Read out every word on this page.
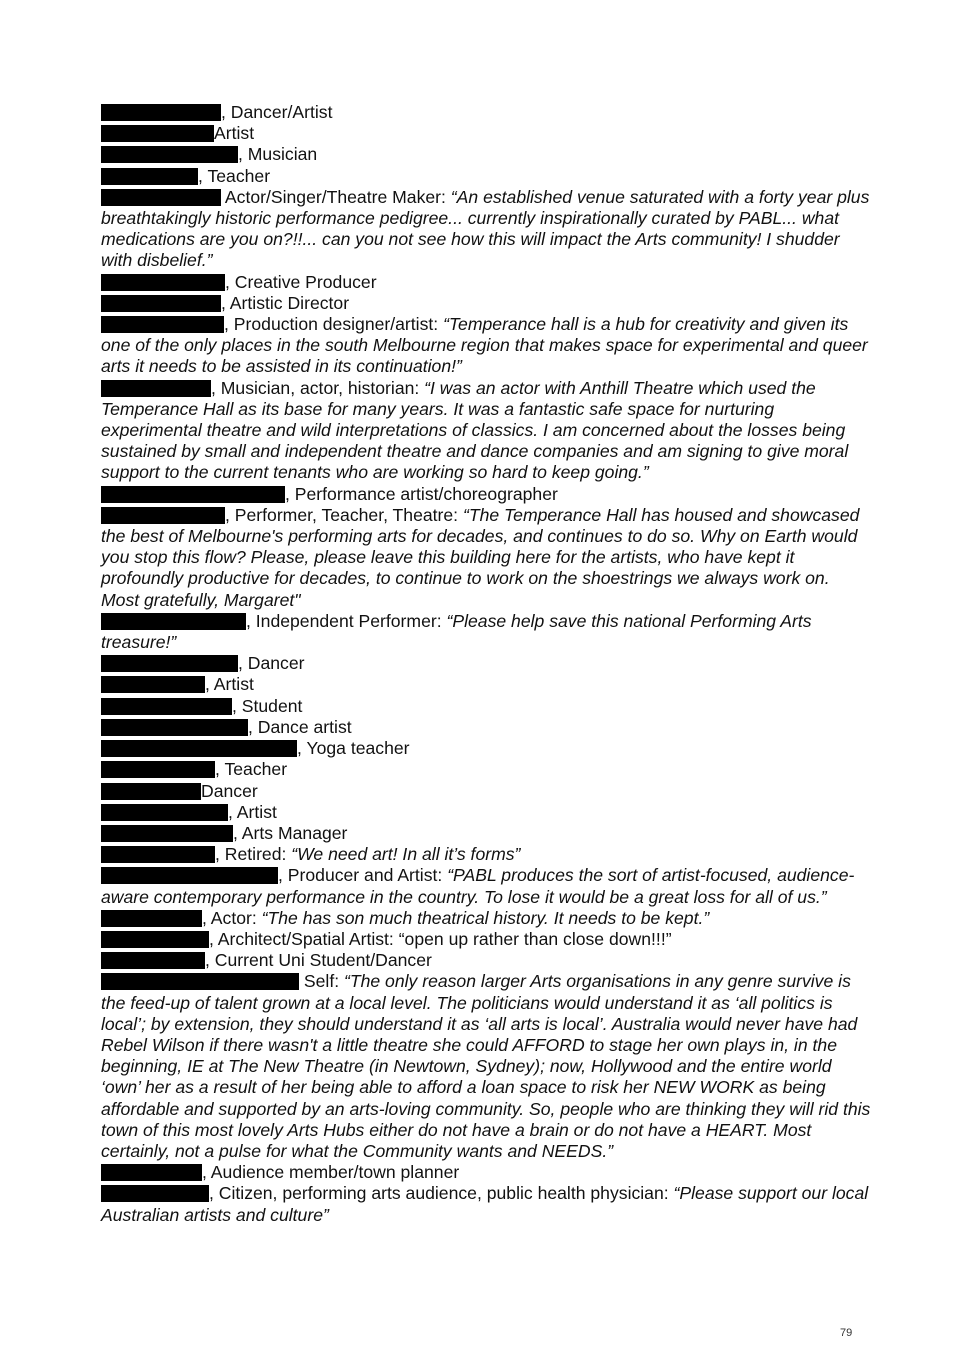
, Dancer/Artist

Artist

, Musician

, Teacher

Actor/Singer/Theatre Maker: “An established venue saturated with a forty year plus breathtakingly historic performance pedigree... currently inspirationally curated by PABL... what medications are you on?!!... can you not see how this will impact the Arts community! I shudder with disbelief.”

, Creative Producer

, Artistic Director

, Production designer/artist: “Temperance hall is a hub for creativity and given its one of the only places in the south Melbourne region that makes space for experimental and queer arts it needs to be assisted in its continuation!”

, Musician, actor, historian: “I was an actor with Anthill Theatre which used the Temperance Hall as its base for many years. It was a fantastic safe space for nurturing experimental theatre and wild interpretations of classics. I am concerned about the losses being sustained by small and independent theatre and dance companies and am signing to give moral support to the current tenants who are working so hard to keep going.”

, Performance artist/choreographer

, Performer, Teacher, Theatre: “The Temperance Hall has housed and showcased the best of Melbourne's performing arts for decades, and continues to do so. Why on Earth would you stop this flow? Please, please leave this building here for the artists, who have kept it profoundly productive for decades, to continue to work on the shoestrings we always work on. Most gratefully, Margaret"

, Independent Performer: “Please help save this national Performing Arts treasure!”

, Dancer

, Artist

, Student

, Dance artist

, Yoga teacher

, Teacher

Dancer

, Artist

, Arts Manager

, Retired: “We need art! In all it’s forms”

, Producer and Artist: “PABL produces the sort of artist-focused, audience-aware contemporary performance in the country. To lose it would be a great loss for all of us.”

, Actor: “The has son much theatrical history. It needs to be kept.”

, Architect/Spatial Artist: “open up rather than close down!!!”

, Current Uni Student/Dancer

Self: “The only reason larger Arts organisations in any genre survive is the feed-up of talent grown at a local level. The politicians would understand it as ‘all politics is local’; by extension, they should understand it as ‘all arts is local’. Australia would never have had Rebel Wilson if there wasn't a little theatre she could AFFORD to stage her own plays in, in the beginning, IE at The New Theatre (in Newtown, Sydney); now, Hollywood and the entire world ‘own’ her as a result of her being able to afford a loan space to risk her NEW WORK as being affordable and supported by an arts-loving community. So, people who are thinking they will rid this town of this most lovely Arts Hubs either do not have a brain or do not have a HEART. Most certainly, not a pulse for what the Community wants and NEEDS.”

, Audience member/town planner

, Citizen, performing arts audience, public health physician: “Please support our local Australian artists and culture”

79
